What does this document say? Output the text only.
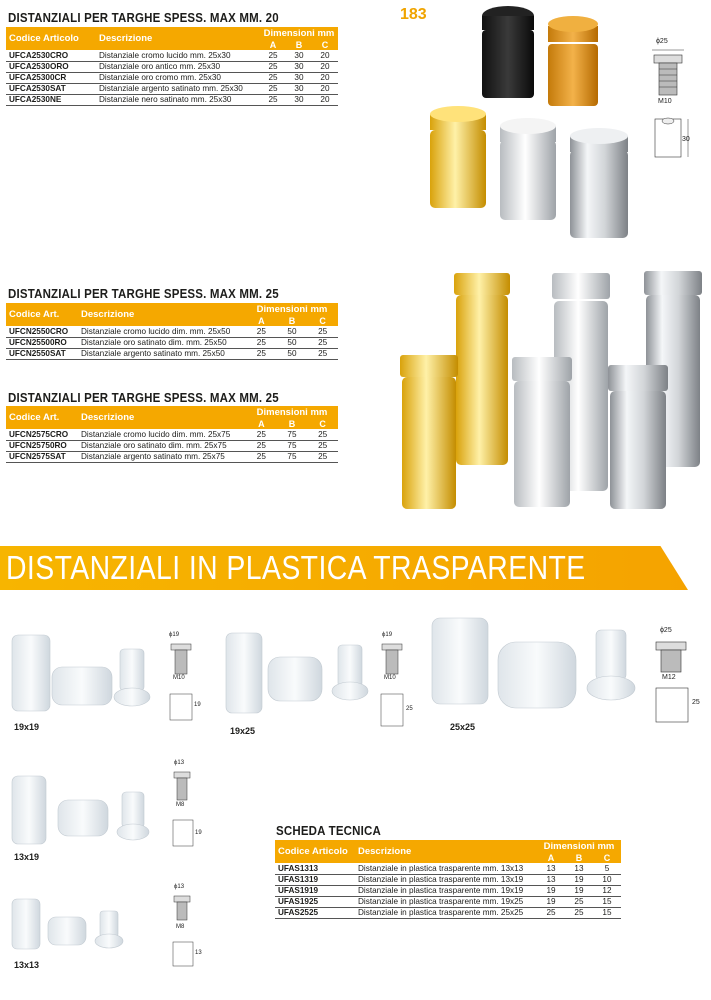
183
DISTANZIALI PER TARGHE SPESS. MAX MM. 20
Codice Articolo	Descrizione	Dimensioni mm		
		A	B	C
UFCA2530CRO	Distanziale cromo lucido mm. 25x30	25	30	20
UFCA2530ORO	Distanziale oro antico mm. 25x30	25	30	20
UFCA25300CR	Distanziale oro cromo mm. 25x30	25	30	20
UFCA2530SAT	Distanziale argento satinato mm. 25x30	25	30	20
UFCA2530NE	Distanziale nero satinato mm. 25x30	25	30	20
ϕ25
M10
30
DISTANZIALI PER TARGHE SPESS. MAX MM. 25
Codice Art.	Descrizione	Dimensioni mm		
		A	B	C
UFCN2550CRO	Distanziale cromo lucido dim. mm. 25x50	25	50	25
UFCN25500RO	Distanziale oro satinato dim. mm. 25x50	25	50	25
UFCN2550SAT	Distanziale argento satinato mm. 25x50	25	50	25
DISTANZIALI PER TARGHE SPESS. MAX MM. 25
Codice Art.	Descrizione	Dimensioni mm		
		A	B	C
UFCN2575CRO	Distanziale cromo lucido dim. mm. 25x75	25	75	25
UFCN25750RO	Distanziale oro satinato dim. mm. 25x75	25	75	25
UFCN2575SAT	Distanziale argento satinato mm. 25x75	25	75	25
DISTANZIALI IN PLASTICA TRASPARENTE
19x19
ϕ19
M10
19
19x25
ϕ19
M10
25
25x25
ϕ25
M12
25
13x19
ϕ13
M8
19
13x13
ϕ13
M8
13
SCHEDA TECNICA
Codice Articolo	Descrizione	Dimensioni mm		
		A	B	C
UFAS1313	Distanziale in plastica trasparente mm. 13x13	13	13	5
UFAS1319	Distanziale in plastica trasparente mm. 13x19	13	19	10
UFAS1919	Distanziale in plastica trasparente mm. 19x19	19	19	12
UFAS1925	Distanziale in plastica trasparente mm. 19x25	19	25	15
UFAS2525	Distanziale in plastica trasparente mm. 25x25	25	25	15
